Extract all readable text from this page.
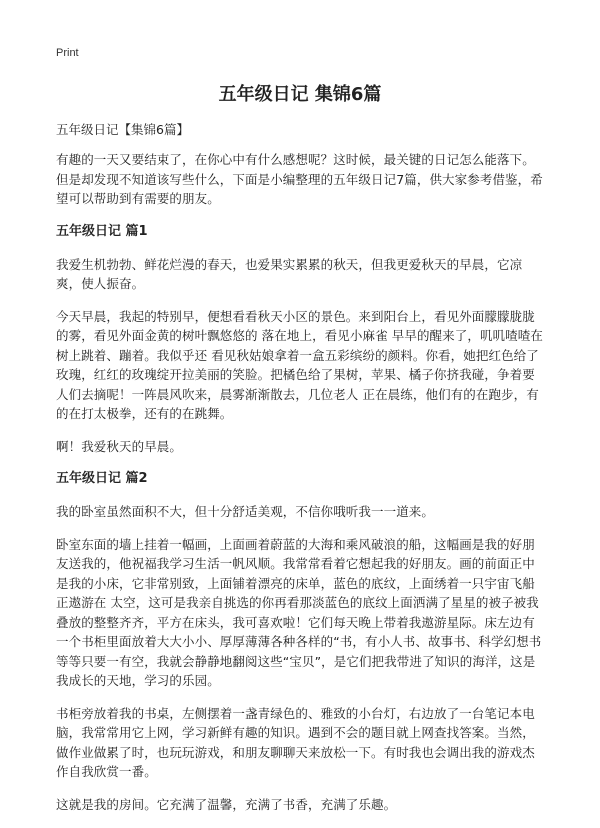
Print
五年级日记 集锦6篇

五年级日记【集锦6篇】

有趣的一天又要结束了，在你心中有什么感想呢？这时候，最关键的日记怎么能落下。但是却发现不知道该写些什么，下面是小编整理的五年级日记7篇，供大家参考借鉴，希望可以帮助到有需要的朋友。

五年级日记 篇1

我爱生机勃勃、鲜花烂漫的春天，也爱果实累累的秋天，但我更爱秋天的早晨，它凉爽，使人振奋。

今天早晨，我起的特别早，便想看看秋天小区的景色。来到阳台上，看见外面朦朦胧胧的雾，看见外面金黄的树叶飘悠悠的 落在地上，看见小麻雀 早早的醒来了，叽叽喳喳在树上跳着、蹦着。我似乎还 看见秋姑娘拿着一盒五彩缤纷的颜料。你看，她把红色给了玫瑰，红红的玫瑰绽开拉美丽的笑脸。把橘色给了果树，苹果、橘子你挤我碰，争着要人们去摘呢！一阵晨风吹来，晨雾渐渐散去，几位老人 正在晨练，他们有的在跑步，有的在打太极拳，还有的在跳舞。

啊！我爱秋天的早晨。

五年级日记 篇2

我的卧室虽然面积不大，但十分舒适美观，不信你哦听我一一道来。

卧室东面的墙上挂着一幅画，上面画着蔚蓝的大海和乘风破浪的船，这幅画是我的好朋友送我的，他祝福我学习生活一帆风顺。我常常看着它想起我的好朋友。画的前面正中是我的小床，它非常别致，上面铺着漂亮的床单，蓝色的底纹，上面绣着一只宇宙飞船正遨游在 太空，这可是我亲自挑选的你再看那淡蓝色的底纹上面洒满了星星的被子被我叠放的整整齐齐，平方在床头，我可喜欢啦！它们每天晚上带着我遨游星际。床左边有一个书柜里面放着大大小小、厚厚薄薄各种各样的“书，有小人书、故事书、科学幻想书等等只要一有空，我就会静静地翻阅这些“宝贝”，是它们把我带进了知识的海洋，这是我成长的天地，学习的乐园。

书柜旁放着我的书桌，左侧摆着一盏青绿色的、雅致的小台灯，右边放了一台笔记本电脑，我常常用它上网，学习新鲜有趣的知识。遇到不会的题目就上网查找答案。当然，做作业做累了时，也玩玩游戏，和朋友聊聊天来放松一下。有时我也会调出我的游戏杰作自我欣赏一番。

这就是我的房间。它充满了温馨，充满了书香，充满了乐趣。
